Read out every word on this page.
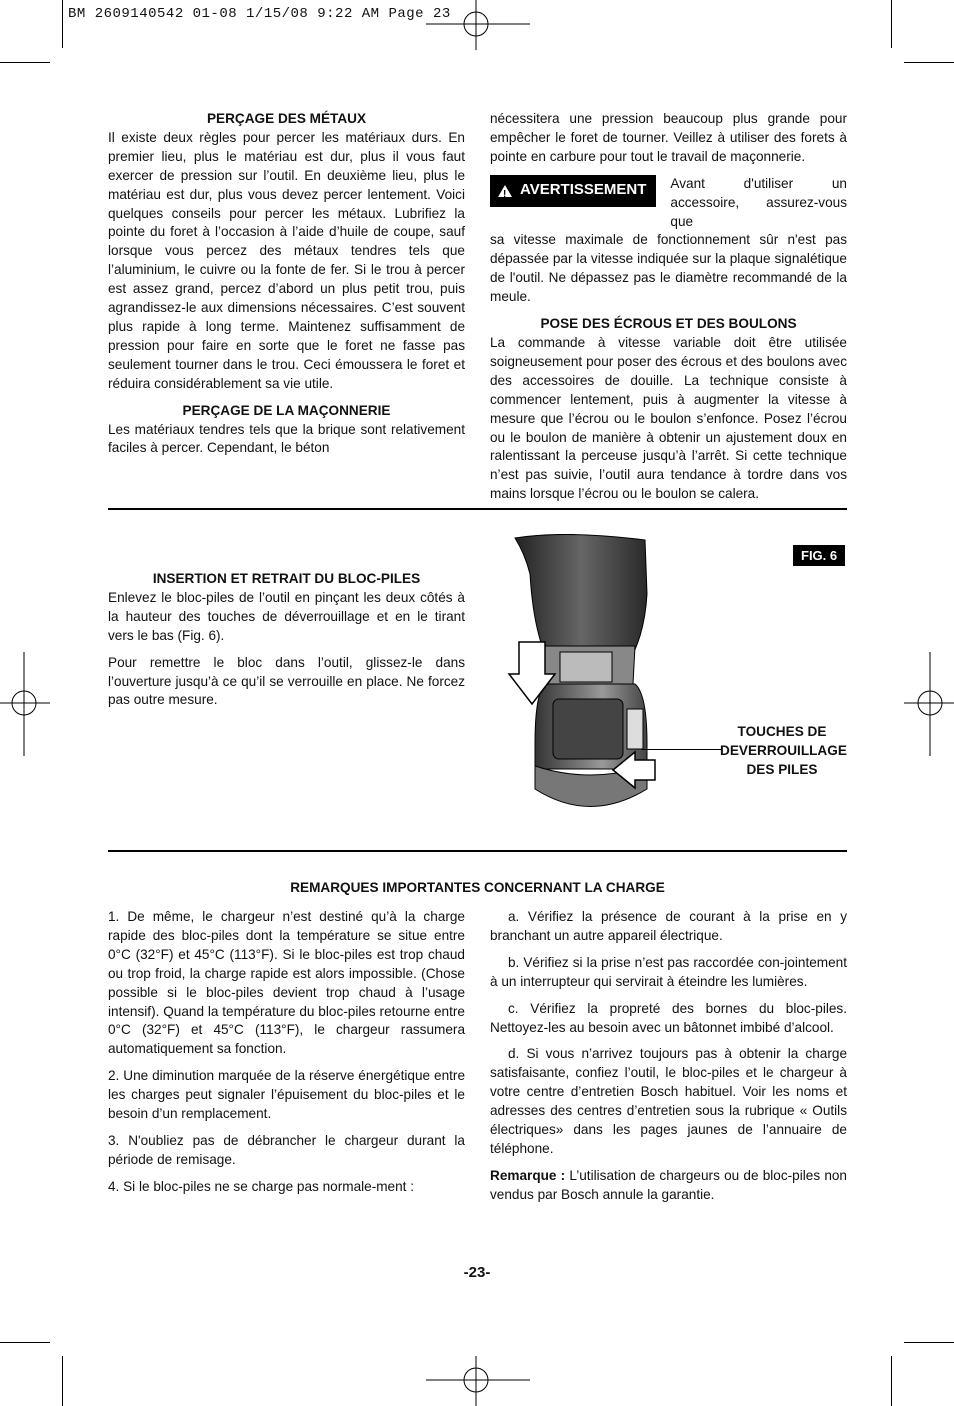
BM 2609140542 01-08 1/15/08 9:22 AM Page 23

PERÇAGE DES MÉTAUX

Il existe deux règles pour percer les matériaux durs. En premier lieu, plus le matériau est dur, plus il vous faut exercer de pression sur l’outil. En deuxième lieu, plus le matériau est dur, plus vous devez percer lentement. Voici quelques conseils pour percer les métaux. Lubrifiez la pointe du foret à l’occasion à l’aide d’huile de coupe, sauf lorsque vous percez des métaux tendres tels que l’aluminium, le cuivre ou la fonte de fer. Si le trou à percer est assez grand, percez d’abord un plus petit trou, puis agrandissez-le aux dimensions nécessaires. C’est souvent plus rapide à long terme. Maintenez suffisamment de pression pour faire en sorte que le foret ne fasse pas seulement tourner dans le trou. Ceci émoussera le foret et réduira considérablement sa vie utile.

PERÇAGE DE LA MAÇONNERIE

Les matériaux tendres tels que la brique sont relativement faciles à percer. Cependant, le béton

nécessitera une pression beaucoup plus grande pour empêcher le foret de tourner. Veillez à utiliser des forets à pointe en carbure pour tout le travail de maçonnerie.

! AVERTISSEMENT Avant d'utiliser un accessoire, assurez-vous que

sa vitesse maximale de fonctionnement sûr n'est pas dépassée par la vitesse indiquée sur la plaque signalétique de l'outil. Ne dépassez pas le diamètre recommandé de la meule.

POSE DES ÉCROUS ET DES BOULONS

La commande à vitesse variable doit être utilisée soigneusement pour poser des écrous et des boulons avec des accessoires de douille. La technique consiste à commencer lentement, puis à augmenter la vitesse à mesure que l’écrou ou le boulon s’enfonce. Posez l’écrou ou le boulon de manière à obtenir un ajustement doux en ralentissant la perceuse jusqu’à l’arrêt. Si cette technique n’est pas suivie, l’outil aura tendance à tordre dans vos mains lorsque l’écrou ou le boulon se calera.

INSERTION ET RETRAIT DU BLOC-PILES

Enlevez le bloc-piles de l’outil en pinçant les deux côtés à la hauteur des touches de déverrouillage et en le tirant vers le bas (Fig. 6).

Pour remettre le bloc dans l’outil, glissez-le dans l’ouverture jusqu’à ce qu’il se verrouille en place. Ne forcez pas outre mesure.

FIG. 6
TOUCHES DE
DEVERROUILLAGE
DES PILES
REMARQUES IMPORTANTES CONCERNANT LA CHARGE

1. De même, le chargeur n’est destiné qu’à la charge rapide des bloc-piles dont la température se situe entre 0°C (32°F) et 45°C (113°F). Si le bloc-piles est trop chaud ou trop froid, la charge rapide est alors impossible. (Chose possible si le bloc-piles devient trop chaud à l’usage intensif). Quand la température du bloc-piles retourne entre 0°C (32°F) et 45°C (113°F), le chargeur rassumera automatiquement sa fonction.

2. Une diminution marquée de la réserve énergétique entre les charges peut signaler l’épuisement du bloc-piles et le besoin d’un remplacement.

3. N'oubliez pas de débrancher le chargeur durant la période de remisage.

4. Si le bloc-piles ne se charge pas normale-ment :

a. Vérifiez la présence de courant à la prise en y branchant un autre appareil électrique.

b. Vérifiez si la prise n’est pas raccordée con-jointement à un interrupteur qui servirait à éteindre les lumières.

c. Vérifiez la propreté des bornes du bloc-piles. Nettoyez-les au besoin avec un bâtonnet imbibé d’alcool.

d. Si vous n’arrivez toujours pas à obtenir la charge satisfaisante, confiez l’outil, le bloc-piles et le chargeur à votre centre d’entretien Bosch habituel. Voir les noms et adresses des centres d’entretien sous la rubrique « Outils électriques» dans les pages jaunes de l’annuaire de téléphone.

Remarque : L’utilisation de chargeurs ou de bloc-piles non vendus par Bosch annule la garantie.

-23-
